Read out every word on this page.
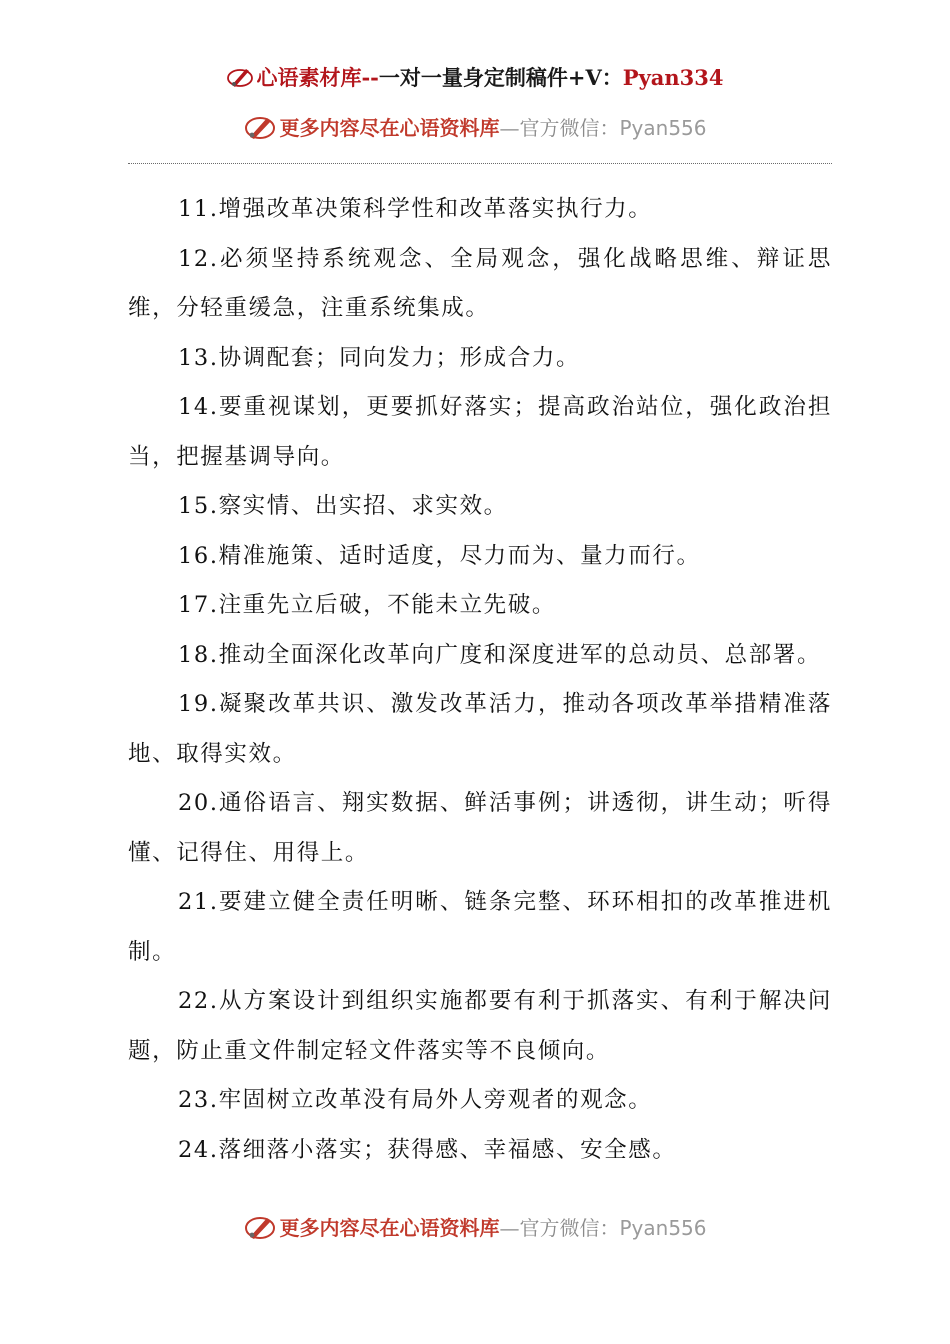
心语素材库--一对一量身定制稿件+V：Pyan334
更多内容尽在心语资料库—官方微信：Pyan556

11.增强改革决策科学性和改革落实执行力。

12.必须坚持系统观念、全局观念，强化战略思维、辩证思维，分轻重缓急，注重系统集成。

13.协调配套；同向发力；形成合力。

14.要重视谋划，更要抓好落实；提高政治站位，强化政治担当，把握基调导向。

15.察实情、出实招、求实效。

16.精准施策、适时适度，尽力而为、量力而行。

17.注重先立后破，不能未立先破。

18.推动全面深化改革向广度和深度进军的总动员、总部署。

19.凝聚改革共识、激发改革活力，推动各项改革举措精准落地、取得实效。

20.通俗语言、翔实数据、鲜活事例；讲透彻，讲生动；听得懂、记得住、用得上。

21.要建立健全责任明晰、链条完整、环环相扣的改革推进机制。

22.从方案设计到组织实施都要有利于抓落实、有利于解决问题，防止重文件制定轻文件落实等不良倾向。

23.牢固树立改革没有局外人旁观者的观念。

24.落细落小落实；获得感、幸福感、安全感。

更多内容尽在心语资料库—官方微信：Pyan556
